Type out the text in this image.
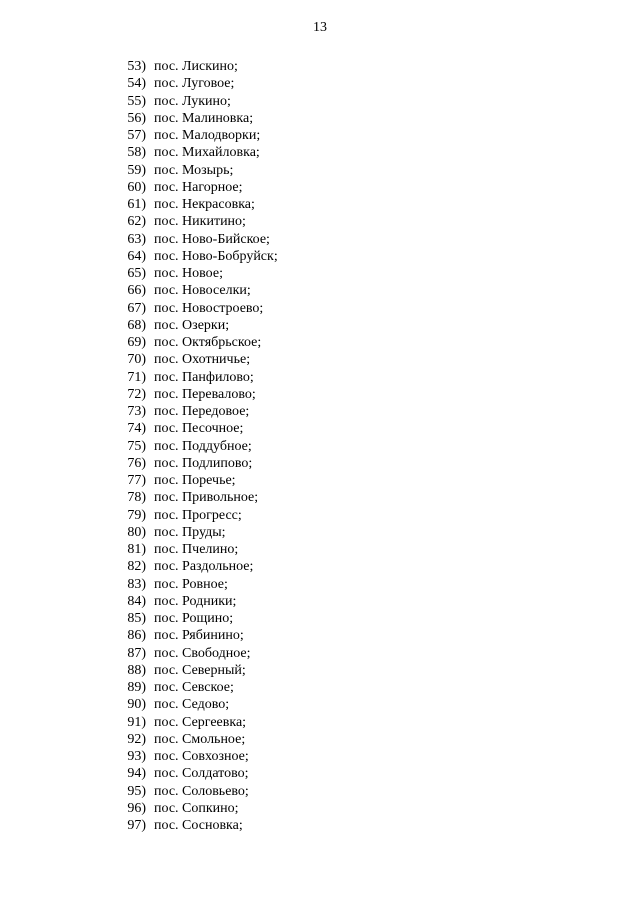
13
53) пос. Лискино;
54) пос. Луговое;
55) пос. Лукино;
56) пос. Малиновка;
57) пос. Малодворки;
58) пос. Михайловка;
59) пос. Мозырь;
60) пос. Нагорное;
61) пос. Некрасовка;
62) пос. Никитино;
63) пос. Ново-Бийское;
64) пос. Ново-Бобруйск;
65) пос. Новое;
66) пос. Новоселки;
67) пос. Новостроево;
68) пос. Озерки;
69) пос. Октябрьское;
70) пос. Охотничье;
71) пос. Панфилово;
72) пос. Перевалово;
73) пос. Передовое;
74) пос. Песочное;
75) пос. Поддубное;
76) пос. Подлипово;
77) пос. Поречье;
78) пос. Привольное;
79) пос. Прогресс;
80) пос. Пруды;
81) пос. Пчелино;
82) пос. Раздольное;
83) пос. Ровное;
84) пос. Родники;
85) пос. Рощино;
86) пос. Рябинино;
87) пос. Свободное;
88) пос. Северный;
89) пос. Севское;
90) пос. Седово;
91) пос. Сергеевка;
92) пос. Смольное;
93) пос. Совхозное;
94) пос. Солдатово;
95) пос. Соловьево;
96) пос. Сопкино;
97) пос. Сосновка;
